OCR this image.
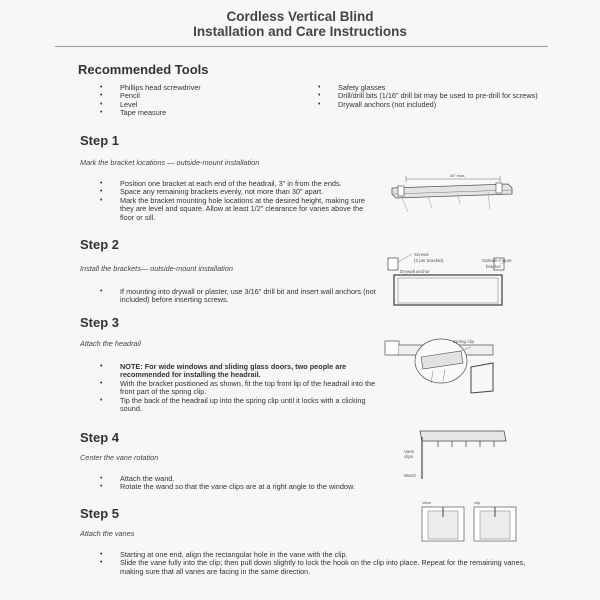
Cordless Vertical Blind
Installation and Care Instructions
Recommended Tools
• Phillips head screwdriver
• Pencil
• Level
• Tape measure
• Safety glasses
• Drill/drill bits (1/16" drill bit may be used to pre-drill for screws)
• Drywall anchors (not included)
Step 1
Mark the bracket locations — outside-mount installation
• Position one bracket at each end of the headrail, 3" in from the ends.
• Space any remaining brackets evenly, not more than 30" apart.
• Mark the bracket mounting hole locations at the desired height, making sure they are level and square. Allow at least 1/2" clearance for vanes above the floor or sill.
30" max.
Step 2
Install the brackets— outside-mount installation
• If mounting into drywall or plaster, use 3/16" drill bit and insert wall anchors (not included) before inserting screws.
Screws
(2 per bracket)	Outside-mount
bracket
Drywall anchor
Step 3
Attach the headrail
• NOTE: For wide windows and sliding glass doors, two people are recommended for installing the headrail.
• With the bracket positioned as shown, fit the top front lip of the headrail into the front part of the spring clip.
• Tip the back of the headrail up into the spring clip until it locks with a clicking sound.
Spring clip
Step 4
Center the vane rotation
• Attach the wand.
• Rotate the wand so that the vane clips are at a right angle to the window.
Vane
clips
Wand
Step 5
Attach the vanes
• Starting at one end, align the rectangular hole in the vane with the clip.
• Slide the vane fully into the clip; then pull down slightly to lock the hook on the clip into place. Repeat for the remaining vanes, making sure that all vanes are facing in the same direction.
Vane	clip
